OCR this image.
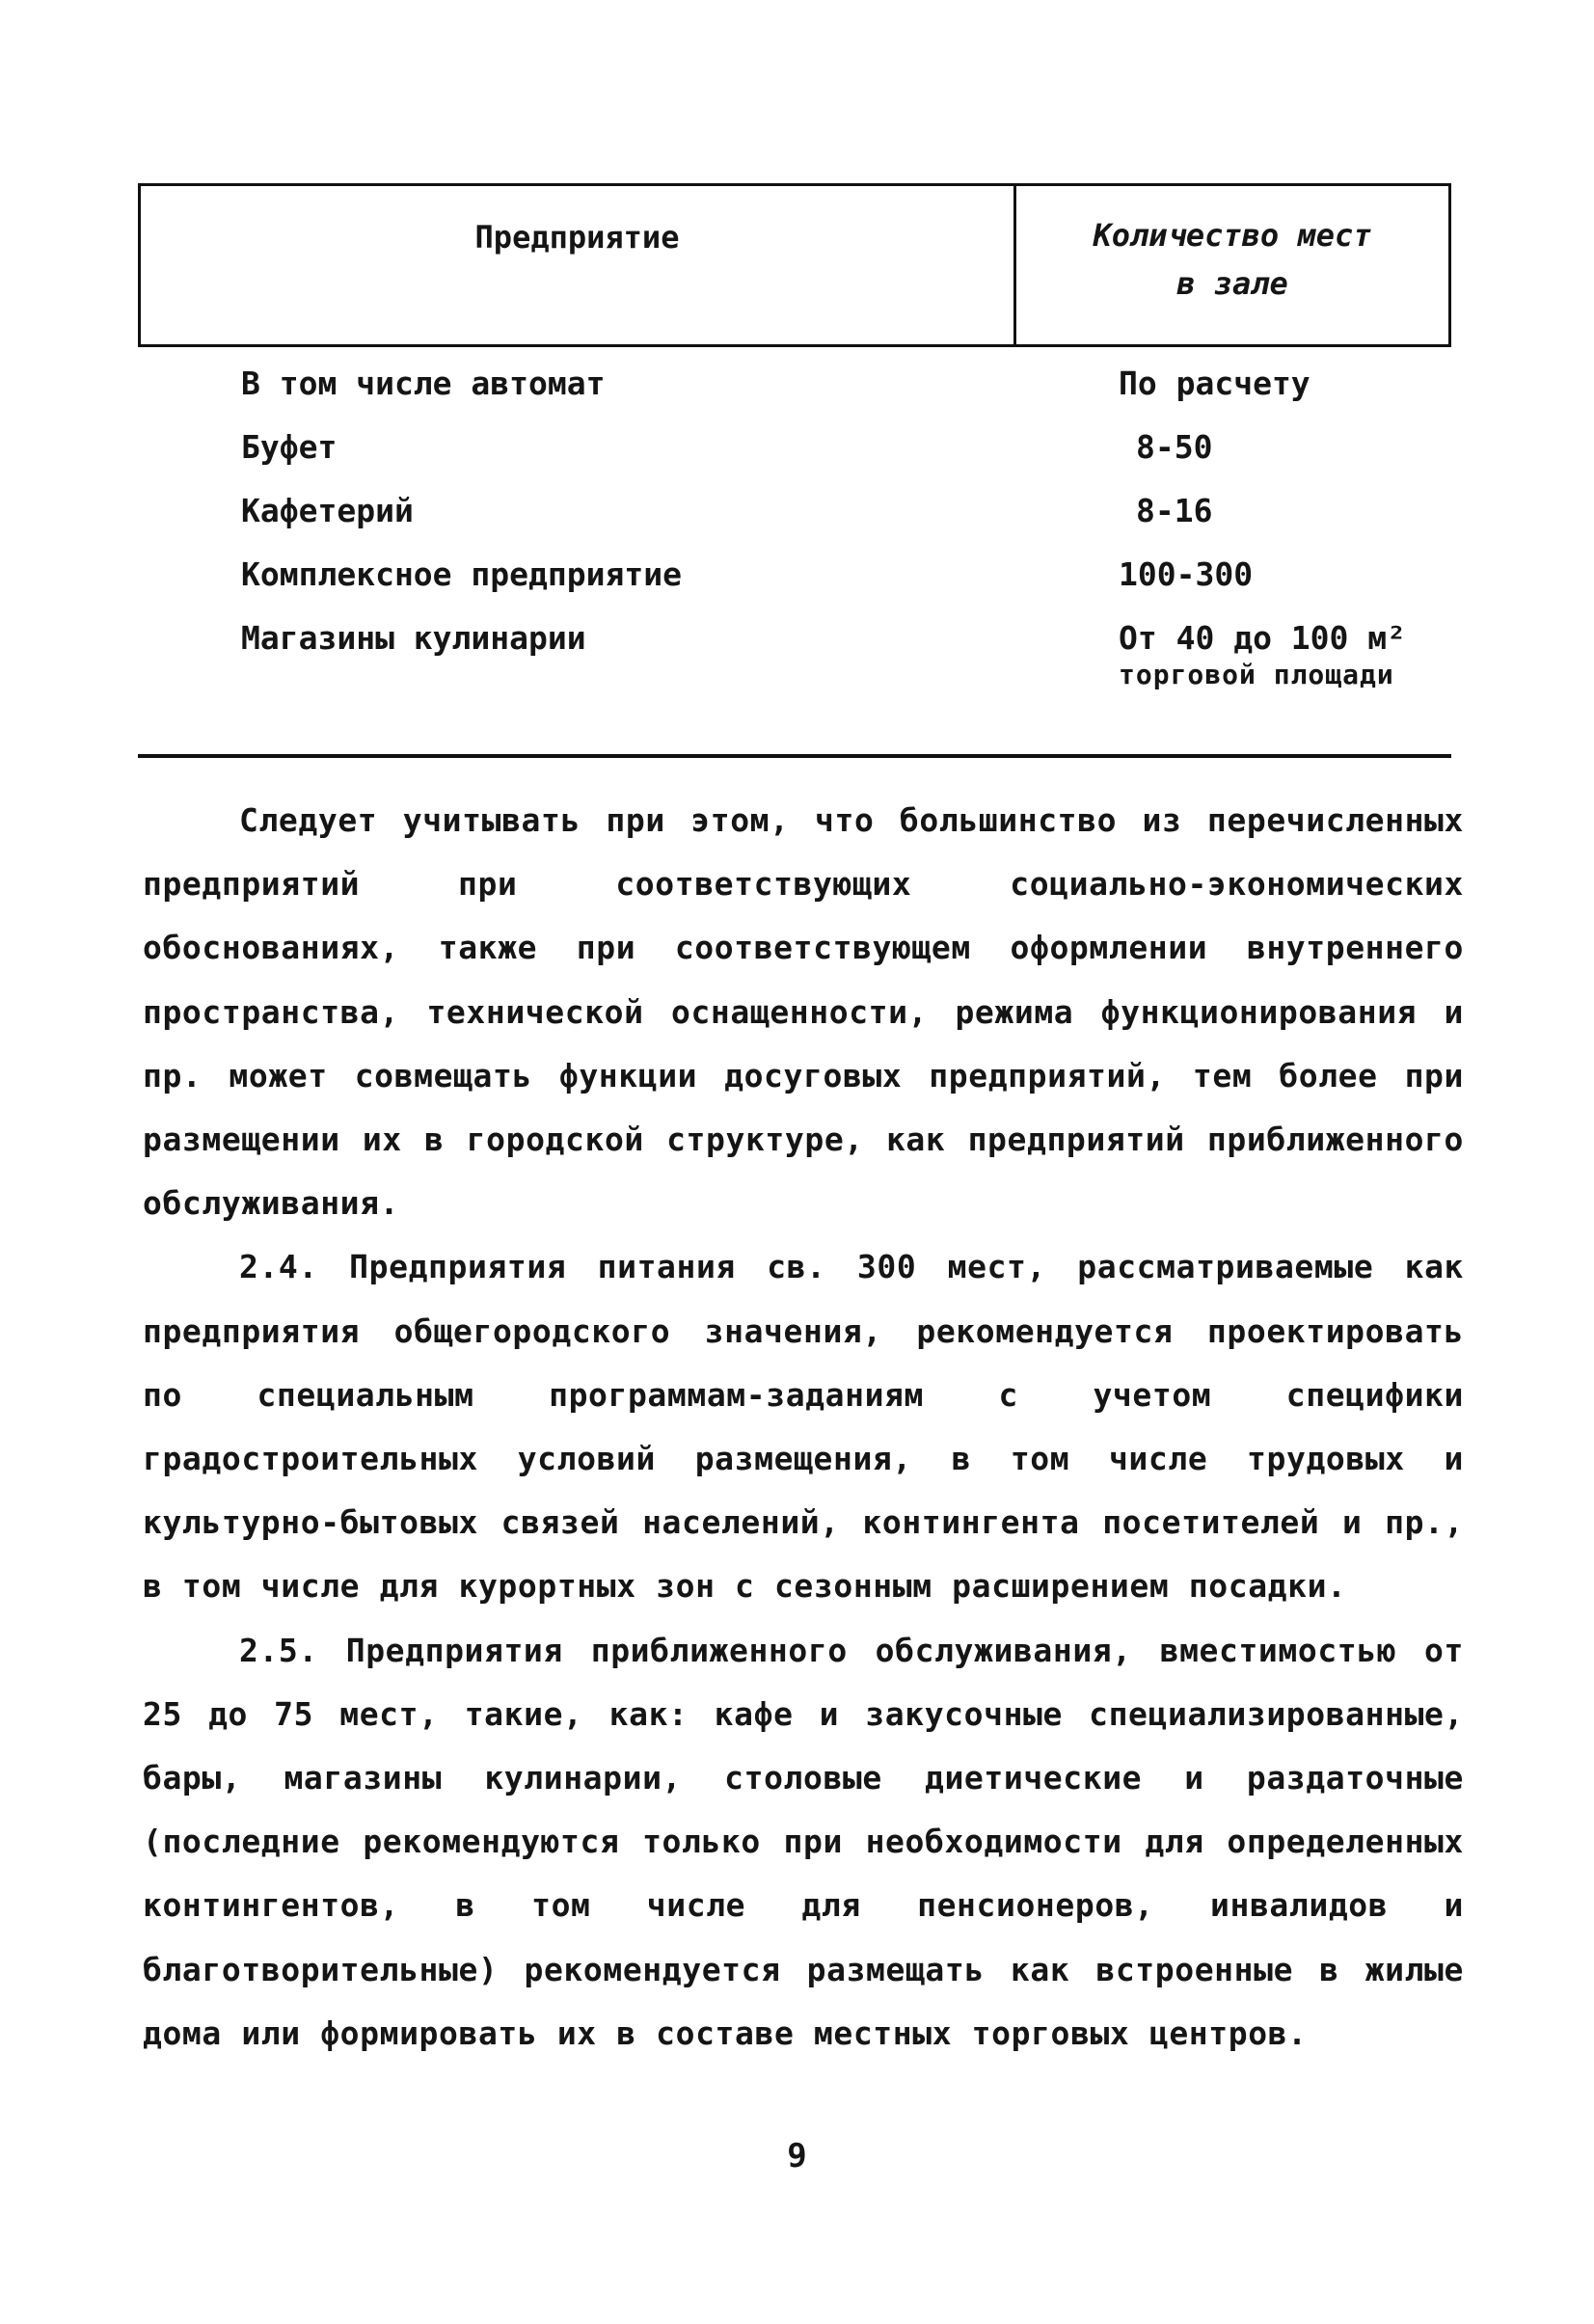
Предприятие	Количество мест
в зале
В том числе автомат	По расчету
Буфет	8-50
Кафетерий	8-16
Комплексное предприятие	100-300
Магазины кулинарии	От 40 до 100 м²
торговой площади

Следует учитывать при этом, что большинство из перечисленных предприятий при соответствующих социально-экономических обоснованиях, также при соответствующем оформлении внутреннего пространства, технической оснащенности, режима функционирования и пр. может совмещать функции досуговых предприятий, тем более при размещении их в городской структуре, как предприятий приближенного обслуживания.

2.4. Предприятия питания св. 300 мест, рассматриваемые как предприятия общегородского значения, рекомендуется проектировать по специальным программам-заданиям с учетом специфики градостроительных условий размещения, в том числе трудовых и культурно-бытовых связей населений, контингента посетителей и пр., в том числе для курортных зон с сезонным расширением посадки.

2.5. Предприятия приближенного обслуживания, вместимостью от 25 до 75 мест, такие, как: кафе и закусочные специализированные, бары, магазины кулинарии, столовые диетические и раздаточные (последние рекомендуются только при необходимости для определенных контингентов, в том числе для пенсионеров, инвалидов и благотворительные) рекомендуется размещать как встроенные в жилые дома или формировать их в составе местных торговых центров.

9
